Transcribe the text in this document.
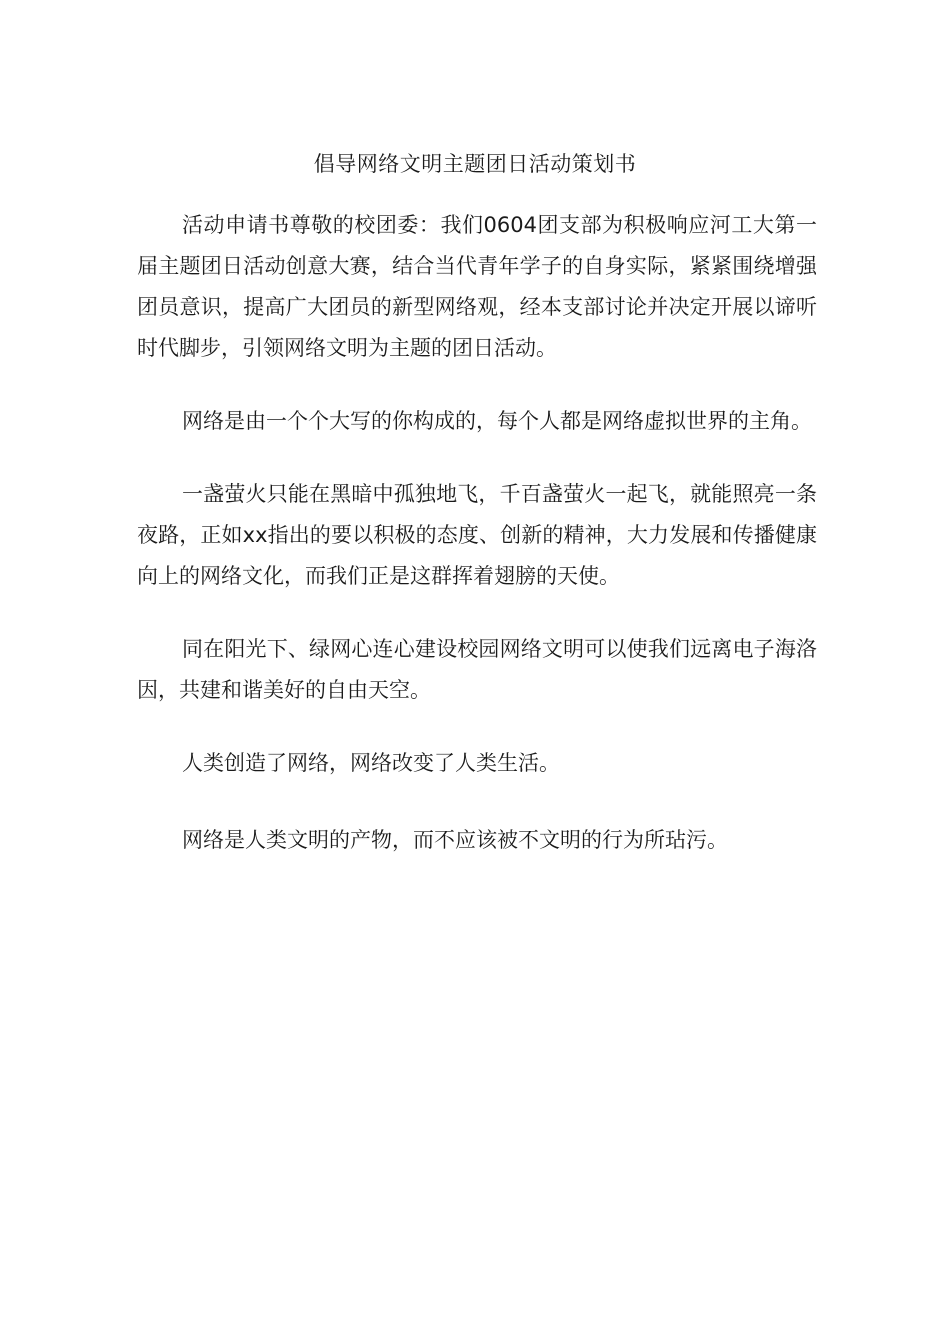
倡导网络文明主题团日活动策划书

活动申请书尊敬的校团委：我们0604团支部为积极响应河工大第一届主题团日活动创意大赛，结合当代青年学子的自身实际，紧紧围绕增强团员意识，提高广大团员的新型网络观，经本支部讨论并决定开展以谛听时代脚步，引领网络文明为主题的团日活动。

网络是由一个个大写的你构成的，每个人都是网络虚拟世界的主角。

一盏萤火只能在黑暗中孤独地飞，千百盏萤火一起飞，就能照亮一条夜路，正如xx指出的要以积极的态度、创新的精神，大力发展和传播健康向上的网络文化，而我们正是这群挥着翅膀的天使。

同在阳光下、绿网心连心建设校园网络文明可以使我们远离电子海洛因，共建和谐美好的自由天空。

人类创造了网络，网络改变了人类生活。

网络是人类文明的产物，而不应该被不文明的行为所玷污。
